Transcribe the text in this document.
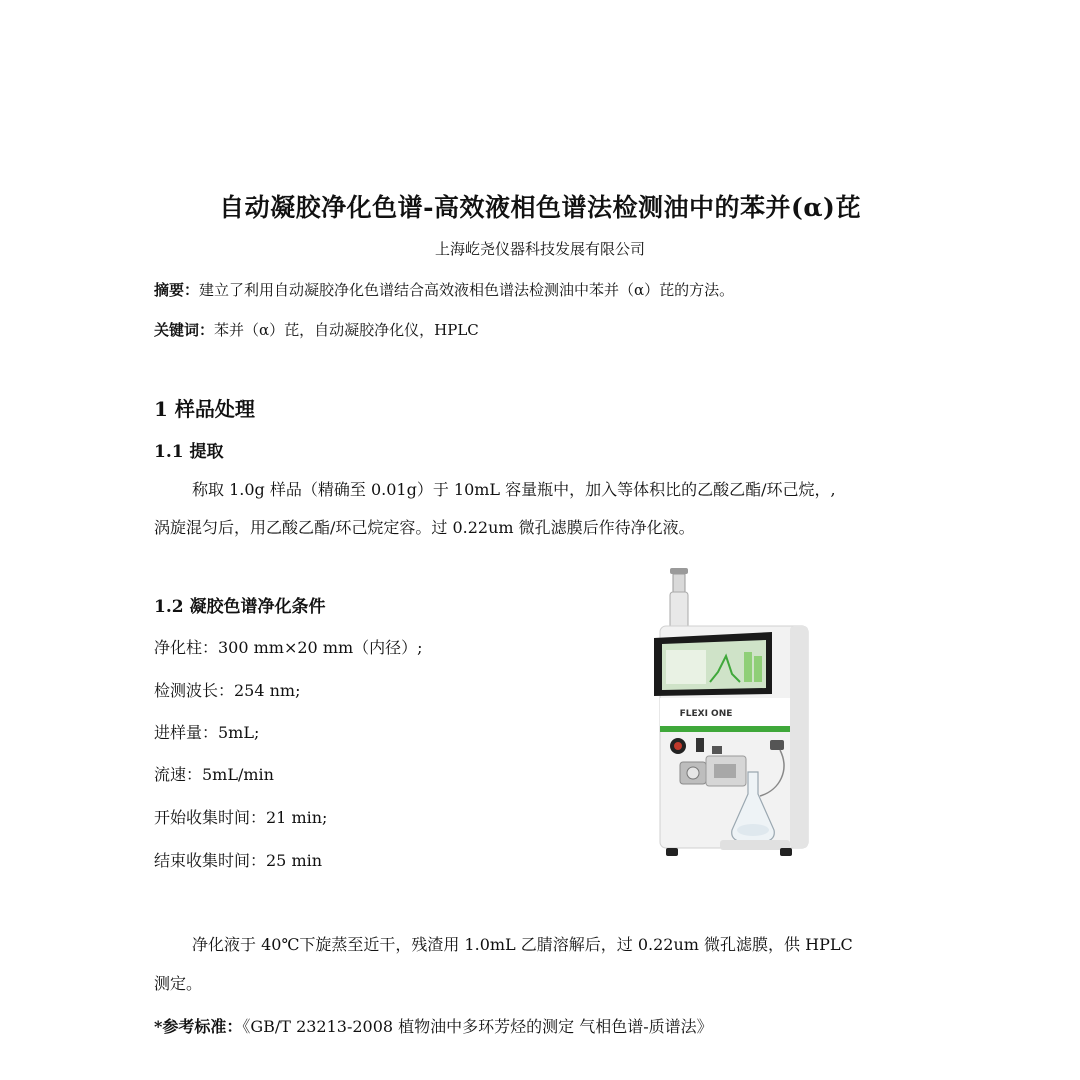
自动凝胶净化色谱-高效液相色谱法检测油中的苯并(α)芘
上海屹尧仪器科技发展有限公司
摘要：建立了利用自动凝胶净化色谱结合高效液相色谱法检测油中苯并（α）芘的方法。
关键词：苯并（α）芘，自动凝胶净化仪，HPLC
1 样品处理
1.1 提取
称取 1.0g 样品（精确至 0.01g）于 10mL 容量瓶中，加入等体积比的乙酸乙酯/环己烷，,
涡旋混匀后，用乙酸乙酯/环己烷定容。过 0.22um 微孔滤膜后作待净化液。
1.2 凝胶色谱净化条件
净化柱：300 mm×20 mm（内径）;
检测波长：254 nm;
进样量：5mL;
流速：5mL/min
开始收集时间：21 min;
结束收集时间：25 min
FLEXI ONE
净化液于 40℃下旋蒸至近干，残渣用 1.0mL 乙腈溶解后，过 0.22um 微孔滤膜，供 HPLC
测定。
*参考标准：《GB/T 23213-2008 植物油中多环芳烃的测定 气相色谱-质谱法》
